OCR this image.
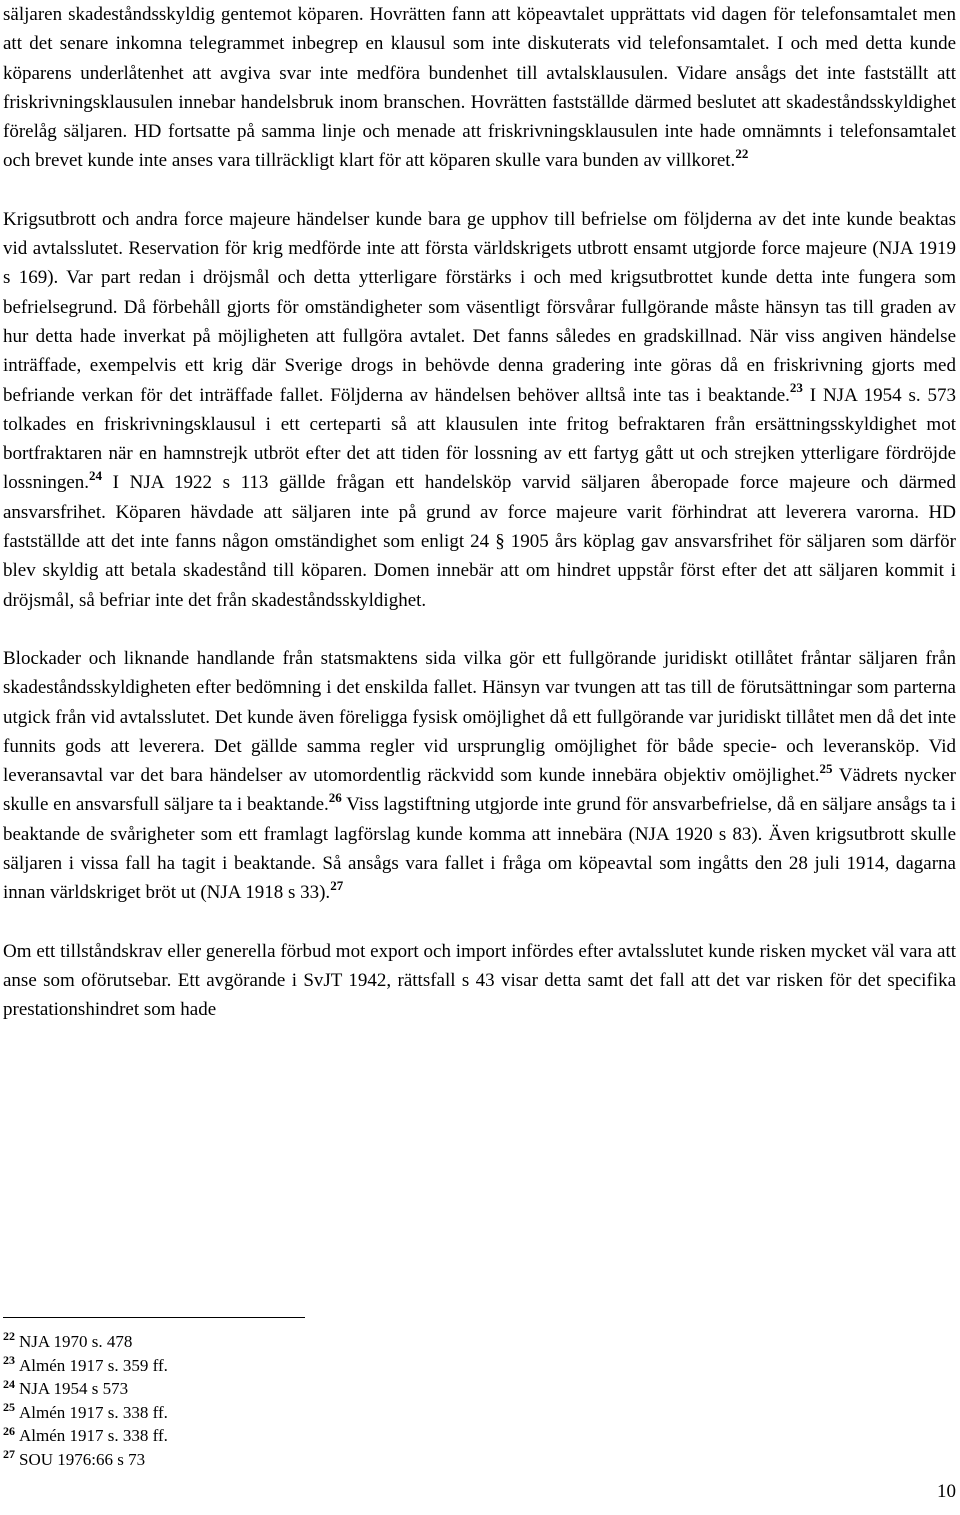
säljaren skadeståndsskyldig gentemot köparen. Hovrätten fann att köpeavtalet upprättats vid dagen för telefonsamtalet men att det senare inkomna telegrammet inbegrep en klausul som inte diskuterats vid telefonsamtalet. I och med detta kunde köparens underlåtenhet att avgiva svar inte medföra bundenhet till avtalsklausulen. Vidare ansågs det inte fastställt att friskrivningsklausulen innebar handelsbruk inom branschen. Hovrätten fastställde därmed beslutet att skadeståndsskyldighet förelåg säljaren. HD fortsatte på samma linje och menade att friskrivningsklausulen inte hade omnämnts i telefonsamtalet och brevet kunde inte anses vara tillräckligt klart för att köparen skulle vara bunden av villkoret.$^{22}$

Krigsutbrott och andra force majeure händelser kunde bara ge upphov till befrielse om följderna av det inte kunde beaktas vid avtalsslutet. Reservation för krig medförde inte att första världskrigets utbrott ensamt utgjorde force majeure (NJA 1919 s 169). Var part redan i dröjsmål och detta ytterligare förstärks i och med krigsutbrottet kunde detta inte fungera som befrielsegrund. Då förbehåll gjorts för omständigheter som väsentligt försvårar fullgörande måste hänsyn tas till graden av hur detta hade inverkat på möjligheten att fullgöra avtalet. Det fanns således en gradskillnad. När viss angiven händelse inträffade, exempelvis ett krig där Sverige drogs in behövde denna gradering inte göras då en friskrivning gjorts med befriande verkan för det inträffade fallet. Följderna av händelsen behöver alltså inte tas i beaktande.$^{23}$ I NJA 1954 s. 573 tolkades en friskrivningsklausul i ett certeparti så att klausulen inte fritog befraktaren från ersättningsskyldighet mot bortfraktaren när en hamnstrejk utbröt efter det att tiden för lossning av ett fartyg gått ut och strejken ytterligare fördröjde lossningen.$^{24}$ I NJA 1922 s 113 gällde frågan ett handelsköp varvid säljaren åberopade force majeure och därmed ansvarsfrihet. Köparen hävdade att säljaren inte på grund av force majeure varit förhindrat att leverera varorna. HD fastställde att det inte fanns någon omständighet som enligt 24 § 1905 års köplag gav ansvarsfrihet för säljaren som därför blev skyldig att betala skadestånd till köparen. Domen innebär att om hindret uppstår först efter det att säljaren kommit i dröjsmål, så befriar inte det från skadeståndsskyldighet.

Blockader och liknande handlande från statsmaktens sida vilka gör ett fullgörande juridiskt otillåtet fråntar säljaren från skadeståndsskyldigheten efter bedömning i det enskilda fallet. Hänsyn var tvungen att tas till de förutsättningar som parterna utgick från vid avtalsslutet. Det kunde även föreligga fysisk omöjlighet då ett fullgörande var juridiskt tillåtet men då det inte funnits gods att leverera. Det gällde samma regler vid ursprunglig omöjlighet för både specie- och leveransköp. Vid leveransavtal var det bara händelser av utomordentlig räckvidd som kunde innebära objektiv omöjlighet.$^{25}$ Vädrets nycker skulle en ansvarsfull säljare ta i beaktande.$^{26}$ Viss lagstiftning utgjorde inte grund för ansvarbefrielse, då en säljare ansågs ta i beaktande de svårigheter som ett framlagt lagförslag kunde komma att innebära (NJA 1920 s 83). Även krigsutbrott skulle säljaren i vissa fall ha tagit i beaktande. Så ansågs vara fallet i fråga om köpeavtal som ingåtts den 28 juli 1914, dagarna innan världskriget bröt ut (NJA 1918 s 33).$^{27}$

Om ett tillståndskrav eller generella förbud mot export och import infördes efter avtalsslutet kunde risken mycket väl vara att anse som oförutsebar. Ett avgörande i SvJT 1942, rättsfall s 43 visar detta samt det fall att det var risken för det specifika prestationshindret som hade

$^{22}$ NJA 1970 s. 478
$^{23}$ Almén 1917 s. 359 ff.
$^{24}$ NJA 1954 s 573
$^{25}$ Almén 1917 s. 338 ff.
$^{26}$ Almén 1917 s. 338 ff.
$^{27}$ SOU 1976:66 s 73
10
